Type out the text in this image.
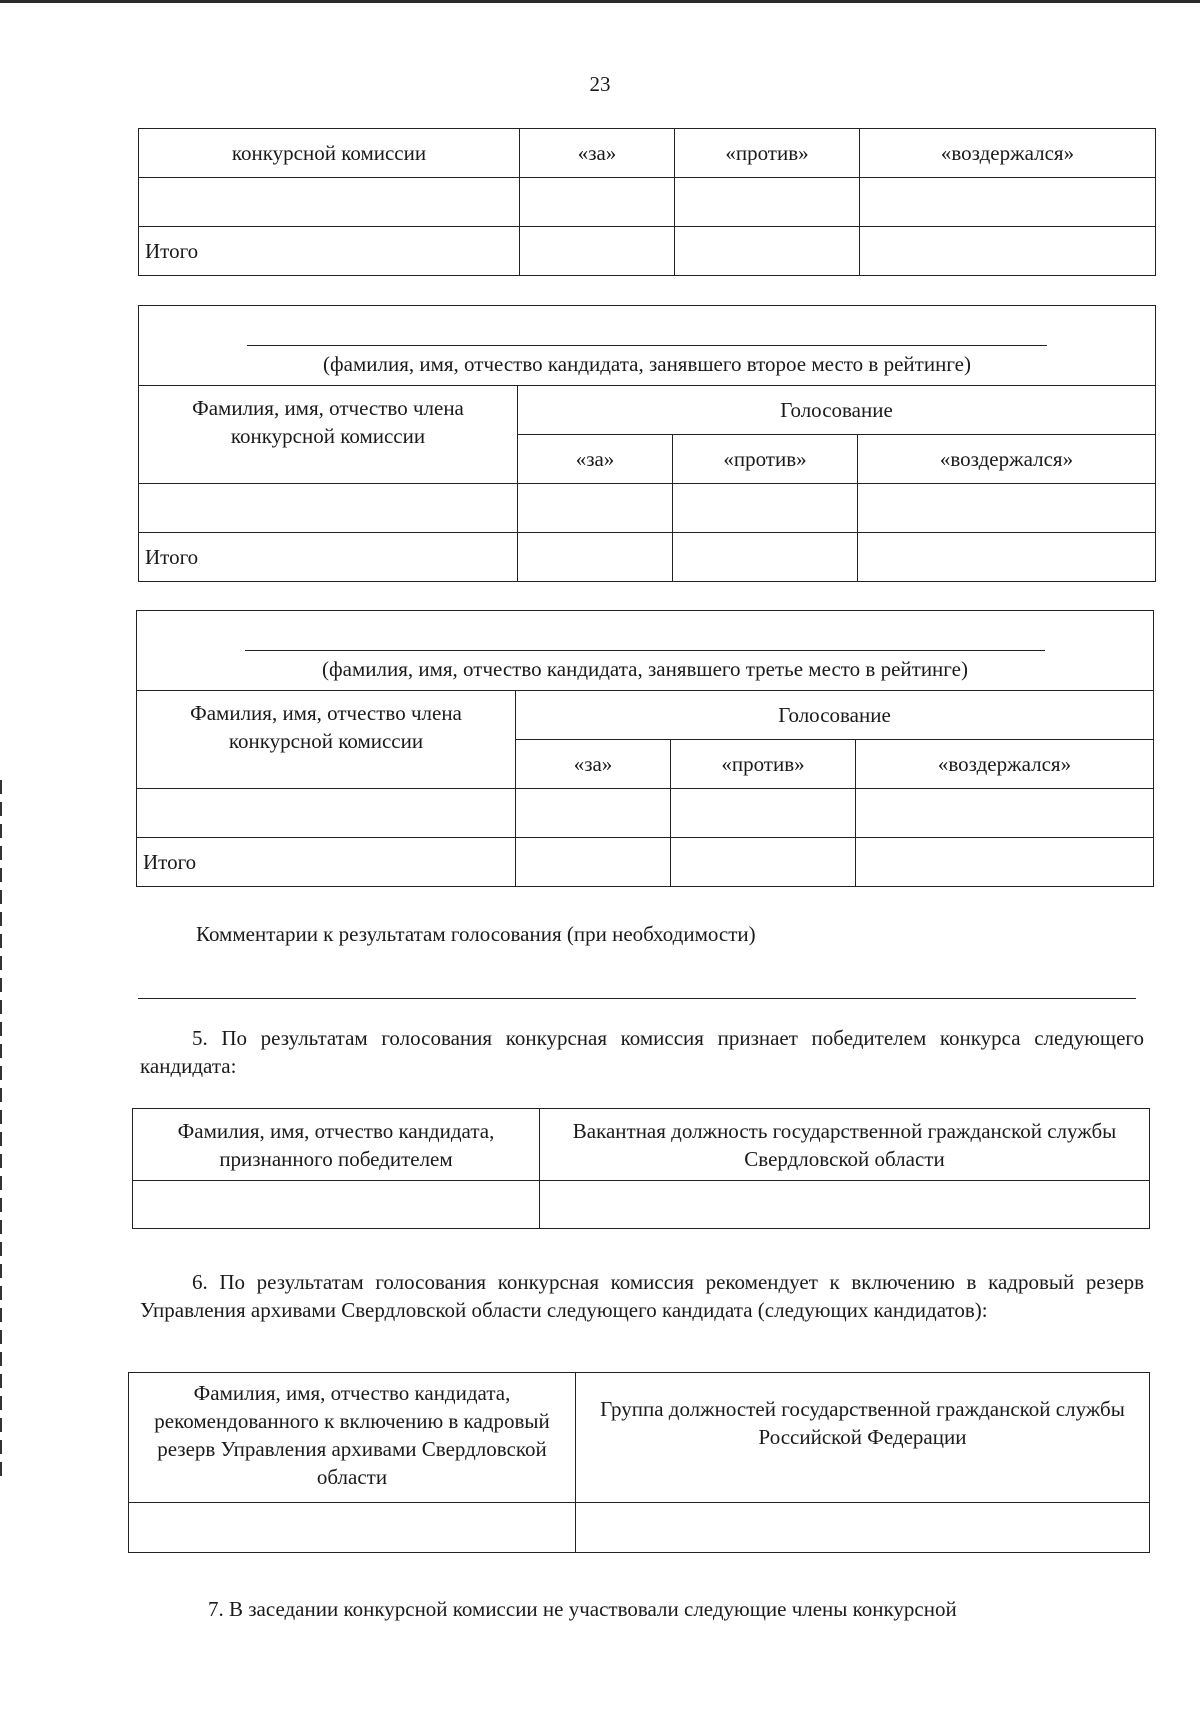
23
конкурсной комиссии	«за»	«против»	«воздержался»

Итого			
(фамилия, имя, отчество кандидата, занявшего второе место в рейтинге)			

Фамилия, имя, отчество члена конкурсной комиссии	Голосование		
	«за»	«против»	«воздержался»

Итого			
(фамилия, имя, отчество кандидата, занявшего третье место в рейтинге)			

Фамилия, имя, отчество члена конкурсной комиссии	Голосование		
	«за»	«против»	«воздержался»

Итого			
Комментарии к результатам голосования (при необходимости)
5. По результатам голосования конкурсная комиссия признает победителем конкурса следующего кандидата:
Фамилия, имя, отчество кандидата, признанного победителем	Вакантная должность государственной гражданской службы Свердловской области

6. По результатам голосования конкурсная комиссия рекомендует к включению в кадровый резерв Управления архивами Свердловской области следующего кандидата (следующих кандидатов):
Фамилия, имя, отчество кандидата, рекомендованного к включению в кадровый резерв Управления архивами Свердловской области	Группа должностей государственной гражданской службы Российской Федерации

7. В заседании конкурсной комиссии не участвовали следующие члены конкурсной
